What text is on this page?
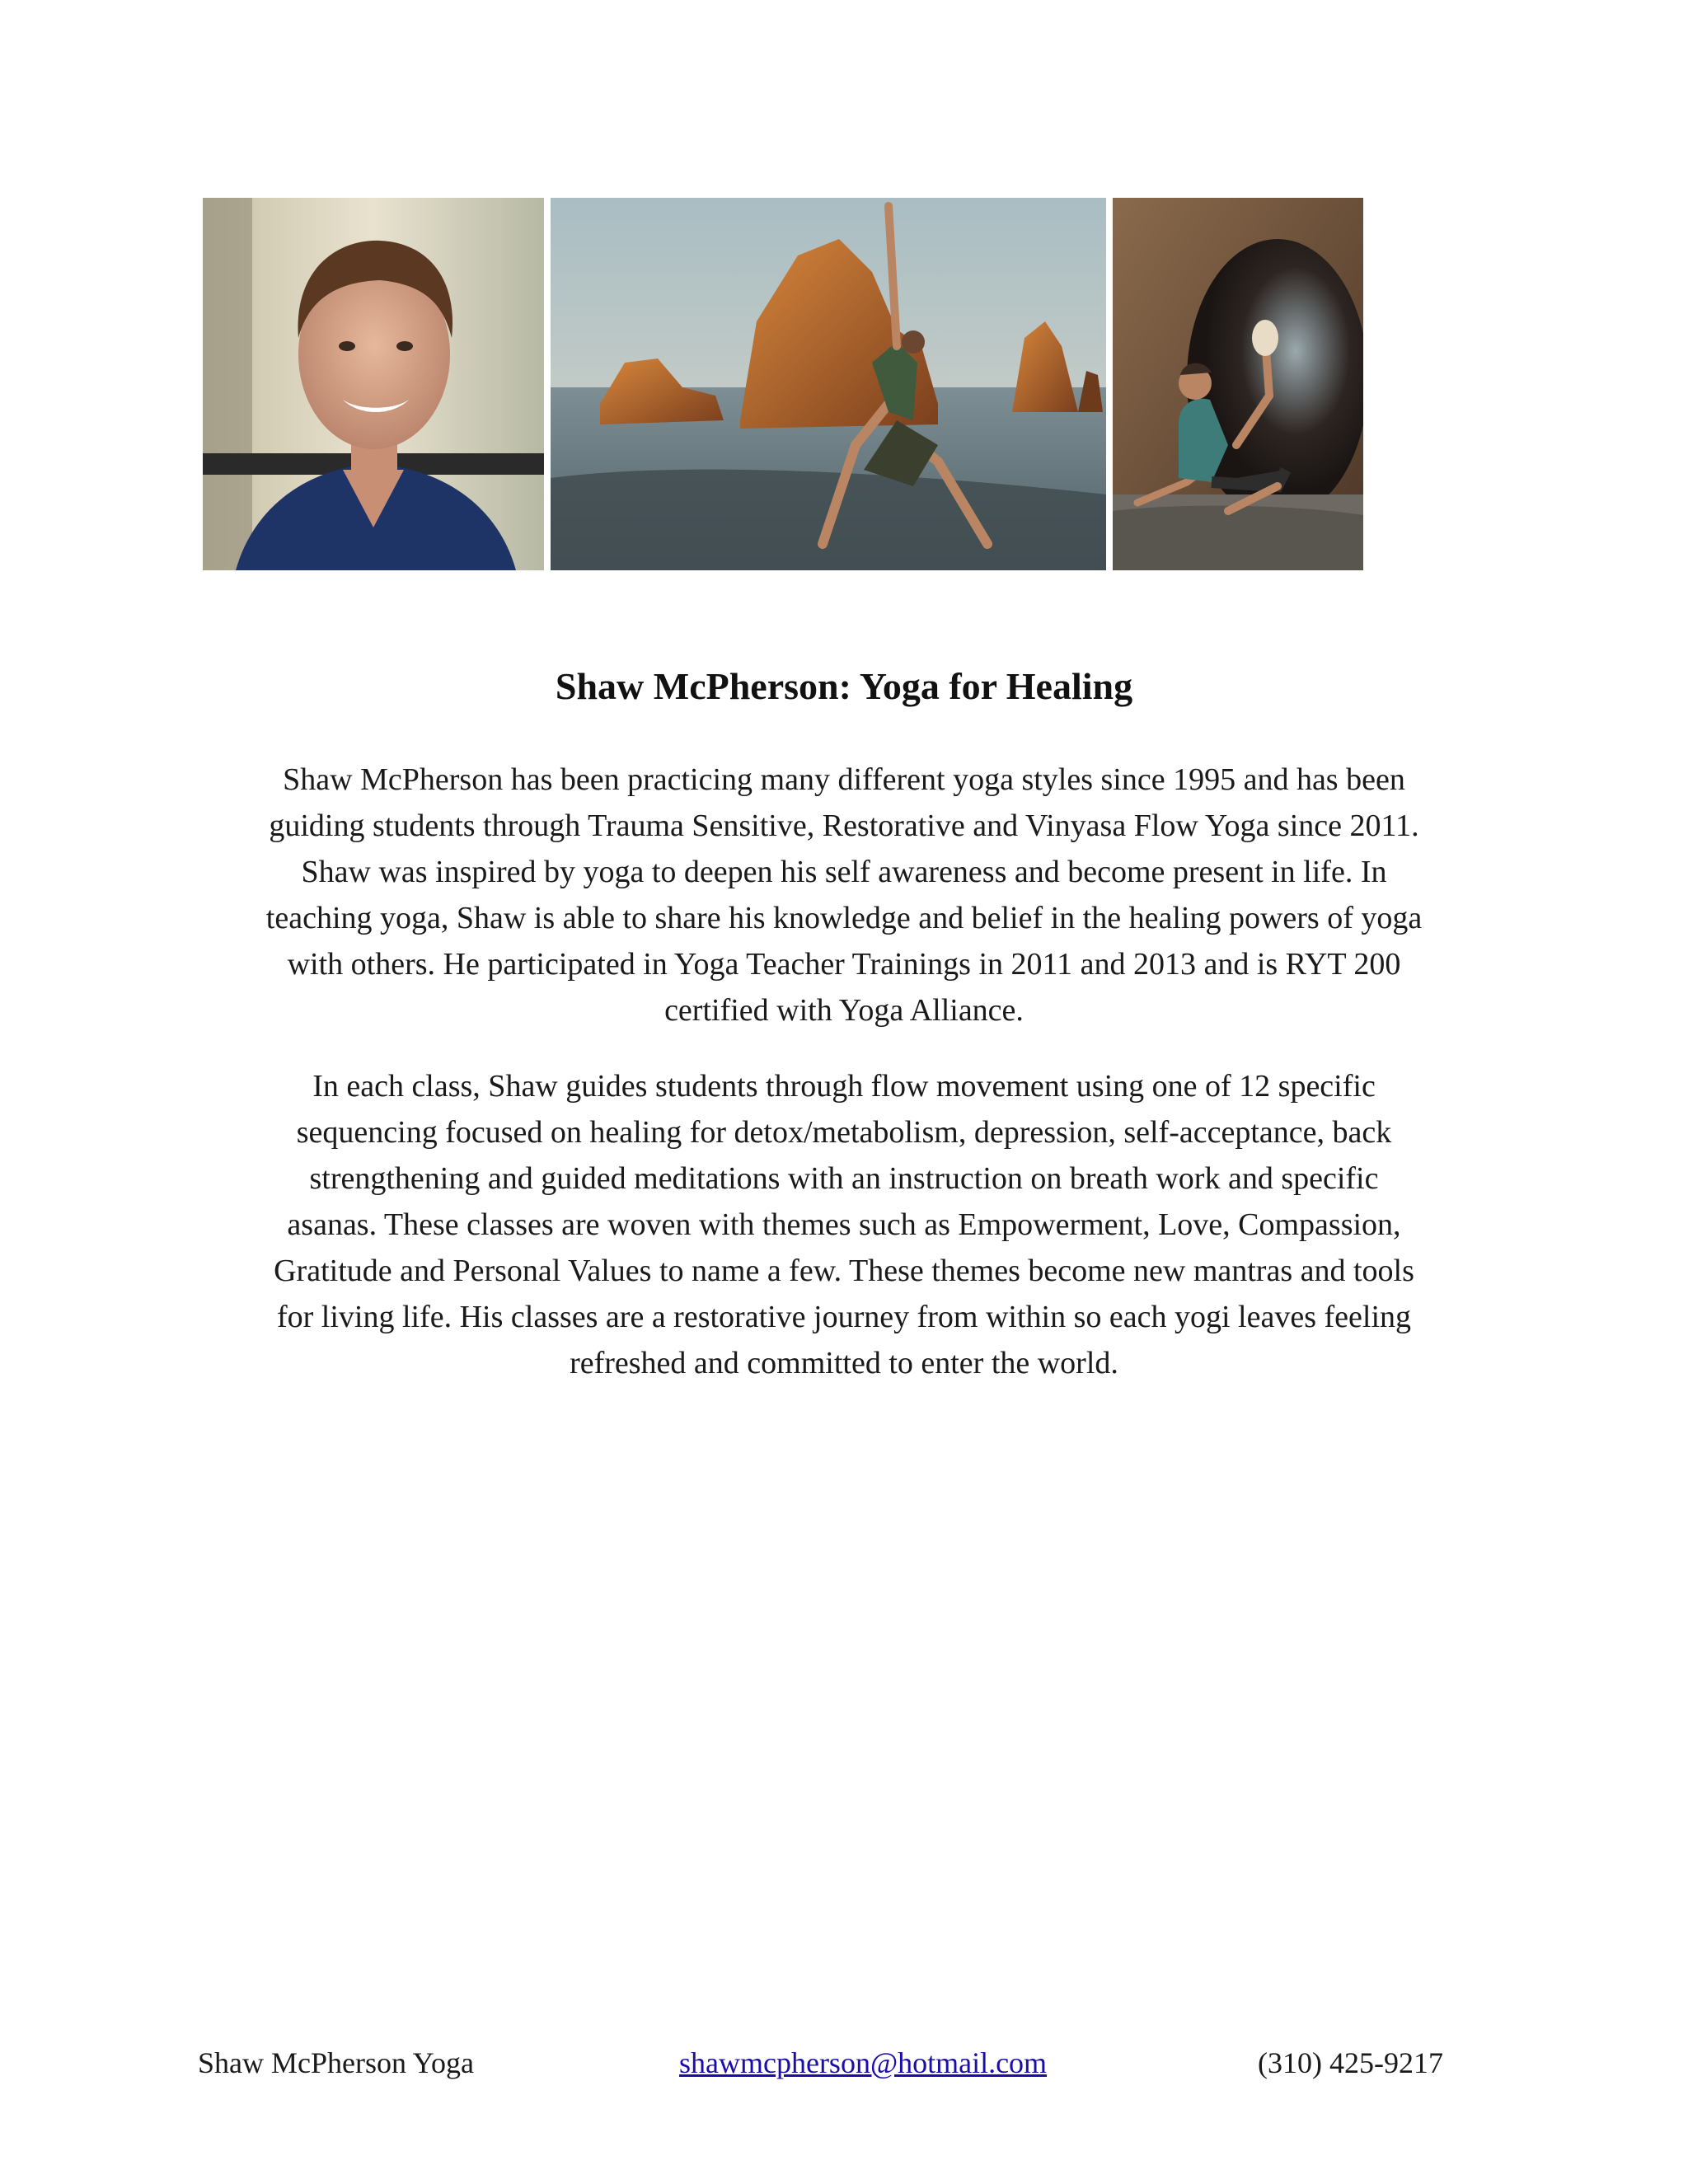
Shaw McPherson: Yoga for Healing

Shaw McPherson has been practicing many different yoga styles since 1995 and has been
guiding students through Trauma Sensitive, Restorative and Vinyasa Flow Yoga since 2011.
Shaw was inspired by yoga to deepen his self awareness and become present in life. In
teaching yoga, Shaw is able to share his knowledge and belief in the healing powers of yoga
with others. He participated in Yoga Teacher Trainings in 2011 and 2013 and is RYT 200
certified with Yoga Alliance.

In each class, Shaw guides students through flow movement using one of 12 specific
sequencing focused on healing for detox/metabolism, depression, self-acceptance, back
strengthening and guided meditations with an instruction on breath work and specific
asanas. These classes are woven with themes such as Empowerment, Love, Compassion,
Gratitude and Personal Values to name a few. These themes become new mantras and tools
for living life. His classes are a restorative journey from within so each yogi leaves feeling
refreshed and committed to enter the world.

Shaw McPherson Yoga	shawmcpherson@hotmail.com	(310) 425-9217
